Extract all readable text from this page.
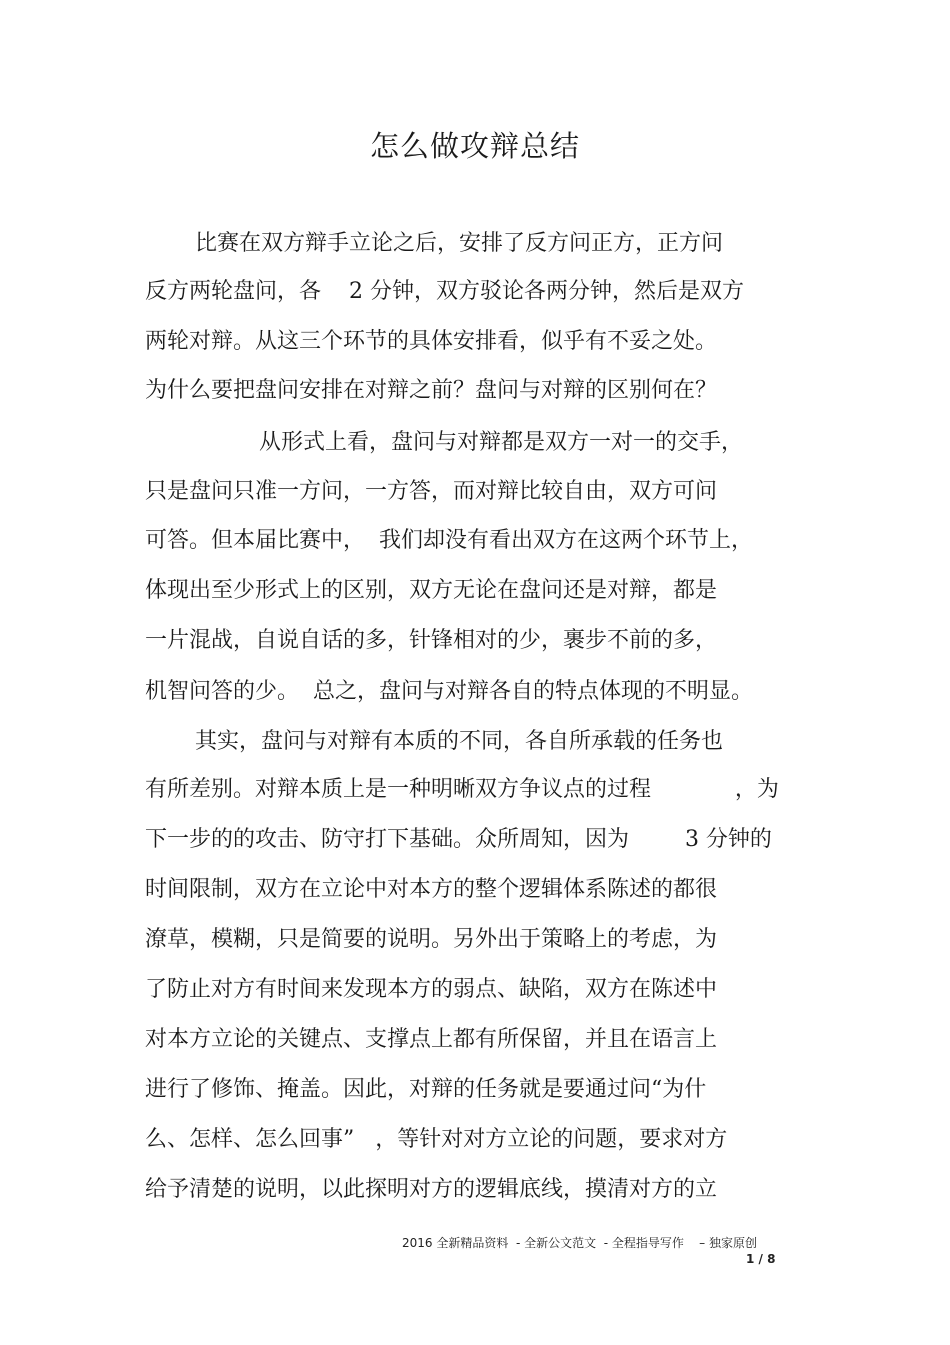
怎么做攻辩总结
比赛在双方辩手立论之后，安排了反方问正方，正方问
反方两轮盘问，各    2 分钟，双方驳论各两分钟，然后是双方
两轮对辩。从这三个环节的具体安排看，似乎有不妥之处。
为什么要把盘问安排在对辩之前？盘问与对辩的区别何在？
从形式上看，盘问与对辩都是双方一对一的交手，
只是盘问只准一方问，一方答，而对辩比较自由，双方可问
可答。但本届比赛中，  我们却没有看出双方在这两个环节上，
体现出至少形式上的区别，双方无论在盘问还是对辩，都是
一片混战，自说自话的多，针锋相对的少，裹步不前的多，
机智问答的少。  总之，盘问与对辩各自的特点体现的不明显。
其实，盘问与对辩有本质的不同，各自所承载的任务也
有所差别。对辩本质上是一种明晰双方争议点的过程            ，为
下一步的的攻击、防守打下基础。众所周知，因为        3 分钟的
时间限制，双方在立论中对本方的整个逻辑体系陈述的都很
潦草，模糊，只是简要的说明。另外出于策略上的考虑，为
了防止对方有时间来发现本方的弱点、缺陷，双方在陈述中
对本方立论的关键点、支撑点上都有所保留，并且在语言上
进行了修饰、掩盖。因此，对辩的任务就是要通过问“为什
么、怎样、怎么回事”   ，等针对对方立论的问题，要求对方
给予清楚的说明，以此探明对方的逻辑底线，摸清对方的立
2016 全新精品资料  - 全新公文范文  - 全程指导写作    – 独家原创
1 / 8
